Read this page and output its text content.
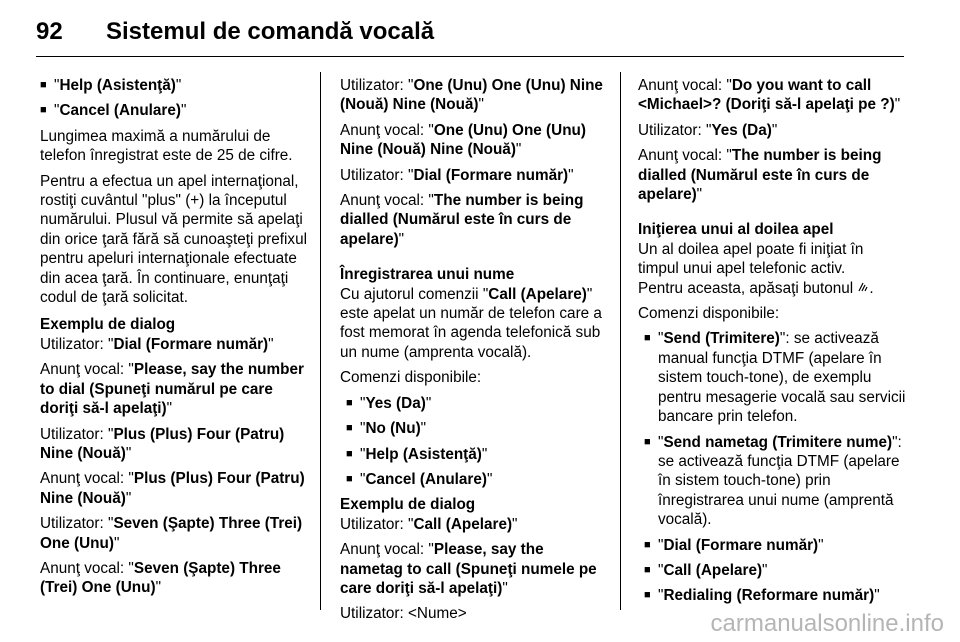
92	Sistemul de comandă vocală
■ "Help (Asistenţă)"
■ "Cancel (Anulare)"

Lungimea maximă a numărului de telefon înregistrat este de 25 de cifre.

Pentru a efectua un apel internaţional, rostiţi cuvântul "plus" (+) la începutul numărului. Plusul vă permite să apelaţi din orice ţară fără să cunoaşteţi prefixul pentru apeluri internaţionale efectuate din acea ţară. În continuare, enunţaţi codul de ţară solicitat.

Exemplu de dialog

Utilizator: "Dial (Formare număr)"

Anunţ vocal: "Please, say the number to dial (Spuneţi numărul pe care doriţi să-l apelaţi)"

Utilizator: "Plus (Plus) Four (Patru) Nine (Nouă)"

Anunţ vocal: "Plus (Plus) Four (Patru) Nine (Nouă)"

Utilizator: "Seven (Şapte) Three (Trei) One (Unu)"

Anunţ vocal: "Seven (Şapte) Three (Trei) One (Unu)"

Utilizator: "One (Unu) One (Unu) Nine (Nouă) Nine (Nouă)"

Anunţ vocal: "One (Unu) One (Unu) Nine (Nouă) Nine (Nouă)"

Utilizator: "Dial (Formare număr)"

Anunţ vocal: "The number is being dialled (Numărul este în curs de apelare)"

Înregistrarea unui nume

Cu ajutorul comenzii "Call (Apelare)" este apelat un număr de telefon care a fost memorat în agenda telefonică sub un nume (amprenta vocală).

Comenzi disponibile:

■ "Yes (Da)"
■ "No (Nu)"
■ "Help (Asistenţă)"
■ "Cancel (Anulare)"
Exemplu de dialog

Utilizator: "Call (Apelare)"

Anunţ vocal: "Please, say the nametag to call (Spuneţi numele pe care doriţi să-l apelaţi)"

Utilizator: <Nume>

Anunţ vocal: "Do you want to call <Michael>? (Doriţi să-l apelaţi pe ?)"

Utilizator: "Yes (Da)"

Anunţ vocal: "The number is being dialled (Numărul este în curs de apelare)"

Iniţierea unui al doilea apel

Un al doilea apel poate fi iniţiat în timpul unui apel telefonic activ.
Pentru aceasta, apăsaţi butonul .

Comenzi disponibile:

■ "Send (Trimitere)": se activează manual funcţia DTMF (apelare în sistem touch-tone), de exemplu pentru mesagerie vocală sau servicii bancare prin telefon.
■ "Send nametag (Trimitere nume)": se activează funcţia DTMF (apelare în sistem touch-tone) prin înregistrarea unui nume (amprentă vocală).
■ "Dial (Formare număr)"
■ "Call (Apelare)"
■ "Redialing (Reformare număr)"
carmanualsonline.info
